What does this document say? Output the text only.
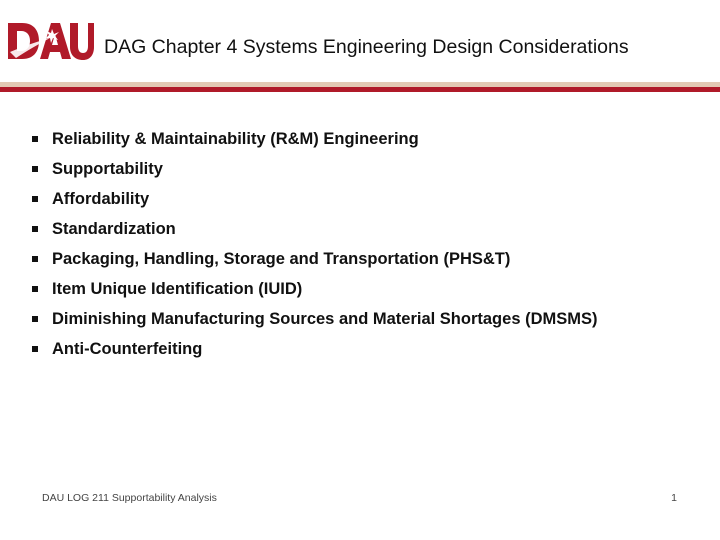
DAG Chapter 4 Systems Engineering Design Considerations
Reliability & Maintainability (R&M) Engineering
Supportability
Affordability
Standardization
Packaging, Handling, Storage and Transportation (PHS&T)
Item Unique Identification (IUID)
Diminishing Manufacturing Sources and Material Shortages (DMSMS)
Anti-Counterfeiting
DAU LOG 211 Supportability Analysis	1
